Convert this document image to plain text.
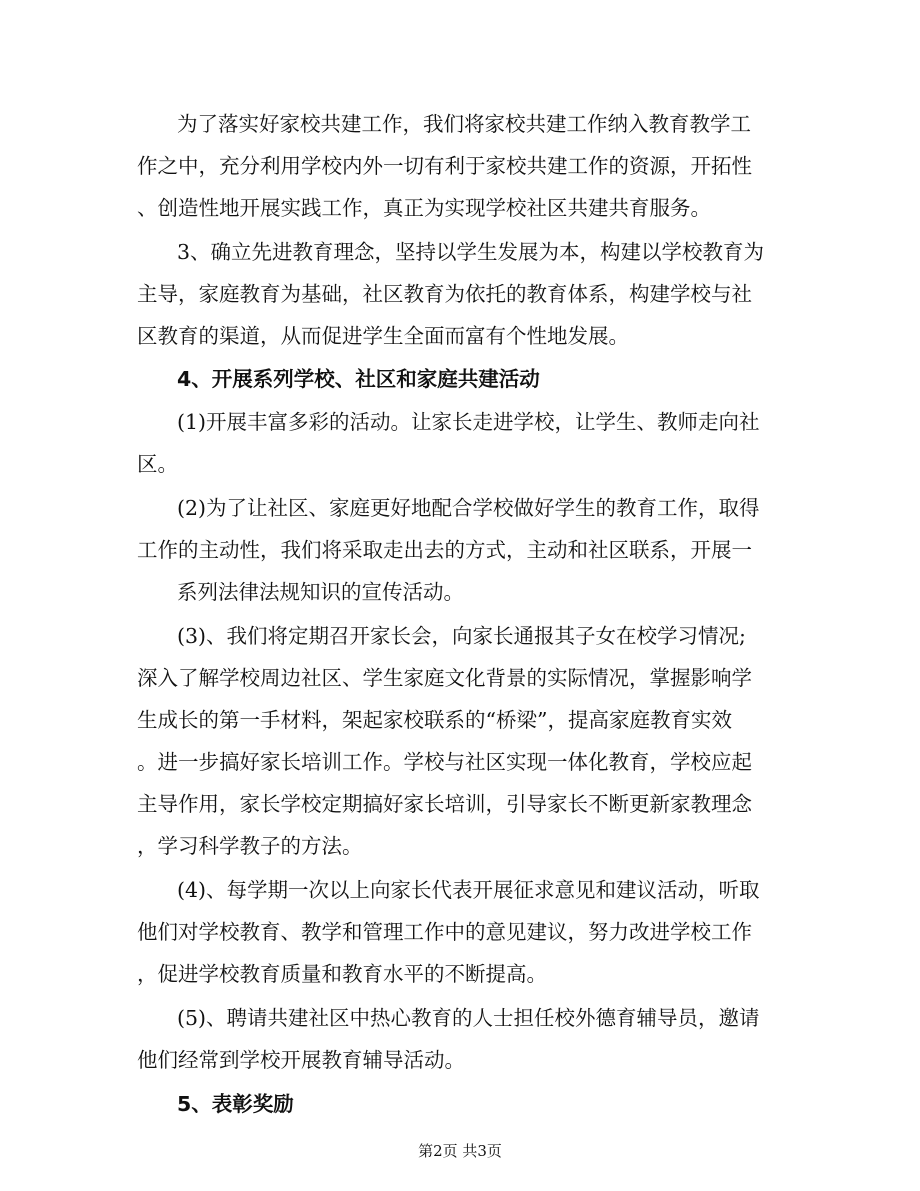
为了落实好家校共建工作，我们将家校共建工作纳入教育教学工
作之中，充分利用学校内外一切有利于家校共建工作的资源，开拓性
、创造性地开展实践工作，真正为实现学校社区共建共育服务。
3、确立先进教育理念，坚持以学生发展为本，构建以学校教育为
主导，家庭教育为基础，社区教育为依托的教育体系，构建学校与社
区教育的渠道，从而促进学生全面而富有个性地发展。
4、开展系列学校、社区和家庭共建活动
(1)开展丰富多彩的活动。让家长走进学校，让学生、教师走向社
区。
(2)为了让社区、家庭更好地配合学校做好学生的教育工作，取得
工作的主动性，我们将采取走出去的方式，主动和社区联系，开展一
系列法律法规知识的宣传活动。
(3)、我们将定期召开家长会，向家长通报其子女在校学习情况;
深入了解学校周边社区、学生家庭文化背景的实际情况，掌握影响学
生成长的第一手材料，架起家校联系的“桥梁”，提高家庭教育实效
。进一步搞好家长培训工作。学校与社区实现一体化教育，学校应起
主导作用，家长学校定期搞好家长培训，引导家长不断更新家教理念
，学习科学教子的方法。
(4)、每学期一次以上向家长代表开展征求意见和建议活动，听取
他们对学校教育、教学和管理工作中的意见建议，努力改进学校工作
，促进学校教育质量和教育水平的不断提高。
(5)、聘请共建社区中热心教育的人士担任校外德育辅导员，邀请
他们经常到学校开展教育辅导活动。
5、表彰奖励
第2页 共3页
